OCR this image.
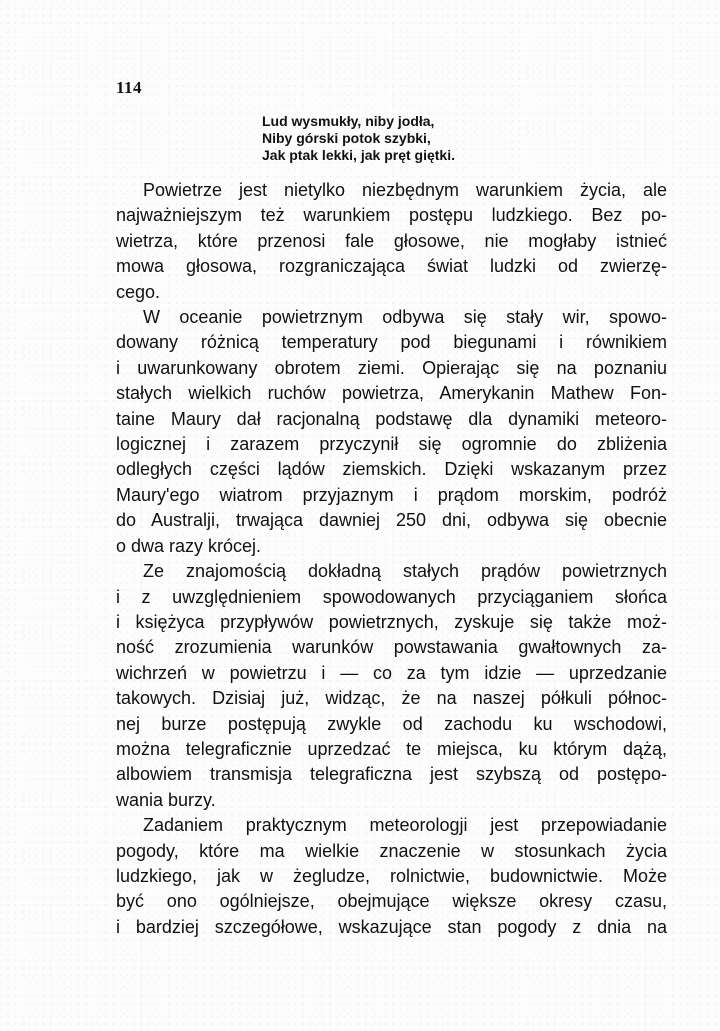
114
Lud wysmukły, niby jodła,
Niby górski potok szybki,
Jak ptak lekki, jak pręt giętki.
Powietrze jest nietylko niezbędnym warunkiem życia, ale
najważniejszym też warunkiem postępu ludzkiego. Bez po-
wietrza, które przenosi fale głosowe, nie mogłaby istnieć
mowa głosowa, rozgraniczająca świat ludzki od zwierzę-
cego.
W oceanie powietrznym odbywa się stały wir, spowo-
dowany różnicą temperatury pod biegunami i równikiem
i uwarunkowany obrotem ziemi. Opierając się na poznaniu
stałych wielkich ruchów powietrza, Amerykanin Mathew Fon-
taine Maury dał racjonalną podstawę dla dynamiki meteoro-
logicznej i zarazem przyczynił się ogromnie do zbliżenia
odległych części lądów ziemskich. Dzięki wskazanym przez
Maury'ego wiatrom przyjaznym i prądom morskim, podróż
do Australji, trwająca dawniej 250 dni, odbywa się obecnie
o dwa razy krócej.
Ze znajomością dokładną stałych prądów powietrznych
i z uwzględnieniem spowodowanych przyciąganiem słońca
i księżyca przypływów powietrznych, zyskuje się także moż-
ność zrozumienia warunków powstawania gwałtownych za-
wichrzeń w powietrzu i — co za tym idzie — uprzedzanie
takowych. Dzisiaj już, widząc, że na naszej półkuli północ-
nej burze postępują zwykle od zachodu ku wschodowi,
można telegraficznie uprzedzać te miejsca, ku którym dążą,
albowiem transmisja telegraficzna jest szybszą od postępo-
wania burzy.
Zadaniem praktycznym meteorologji jest przepowiadanie
pogody, które ma wielkie znaczenie w stosunkach życia
ludzkiego, jak w żegludze, rolnictwie, budownictwie. Może
być ono ogólniejsze, obejmujące większe okresy czasu,
i bardziej szczegółowe, wskazujące stan pogody z dnia na
